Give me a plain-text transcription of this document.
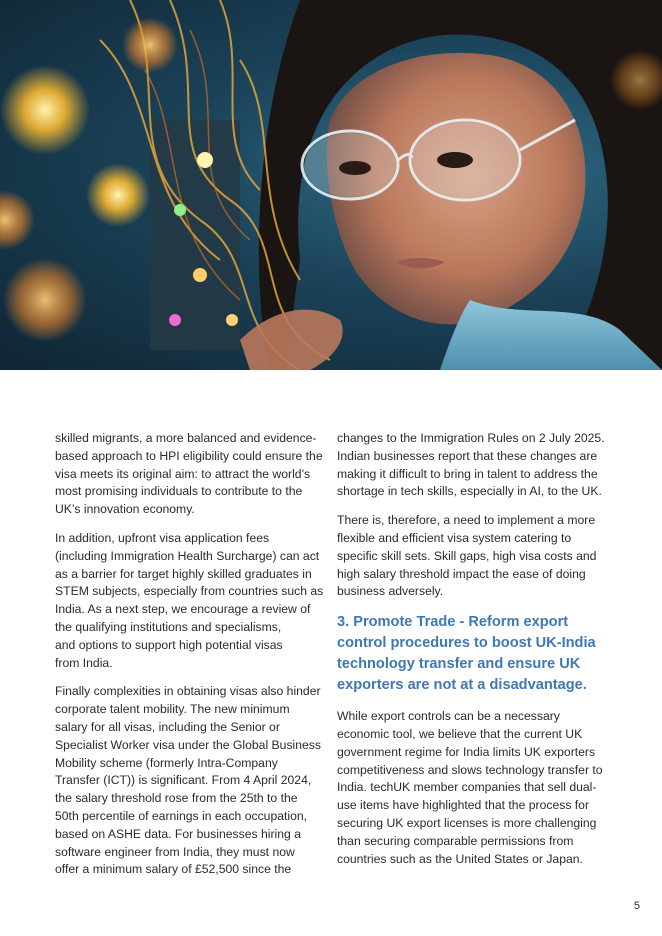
skilled migrants, a more balanced and evidence-
based approach to HPI eligibility could ensure the
visa meets its original aim: to attract the world’s
most promising individuals to contribute to the
UK’s innovation economy.

In addition, upfront visa application fees
(including Immigration Health Surcharge) can act
as a barrier for target highly skilled graduates in
STEM subjects, especially from countries such as
India. As a next step, we encourage a review of
the qualifying institutions and specialisms,
and options to support high potential visas
from India.

Finally complexities in obtaining visas also hinder
corporate talent mobility. The new minimum
salary for all visas, including the Senior or
Specialist Worker visa under the Global Business
Mobility scheme (formerly Intra-Company
Transfer (ICT)) is significant. From 4 April 2024,
the salary threshold rose from the 25th to the
50th percentile of earnings in each occupation,
based on ASHE data. For businesses hiring a
software engineer from India, they must now
offer a minimum salary of £52,500 since the

changes to the Immigration Rules on 2 July 2025.
Indian businesses report that these changes are
making it difficult to bring in talent to address the
shortage in tech skills, especially in AI, to the UK.

There is, therefore, a need to implement a more
flexible and efficient visa system catering to
specific skill sets. Skill gaps, high visa costs and
high salary threshold impact the ease of doing
business adversely.

3. Promote Trade - Reform export
control procedures to boost UK-India
technology transfer and ensure UK
exporters are not at a disadvantage.

While export controls can be a necessary
economic tool, we believe that the current UK
government regime for India limits UK exporters
competitiveness and slows technology transfer to
India. techUK member companies that sell dual-
use items have highlighted that the process for
securing UK export licenses is more challenging
than securing comparable permissions from
countries such as the United States or Japan.

5
